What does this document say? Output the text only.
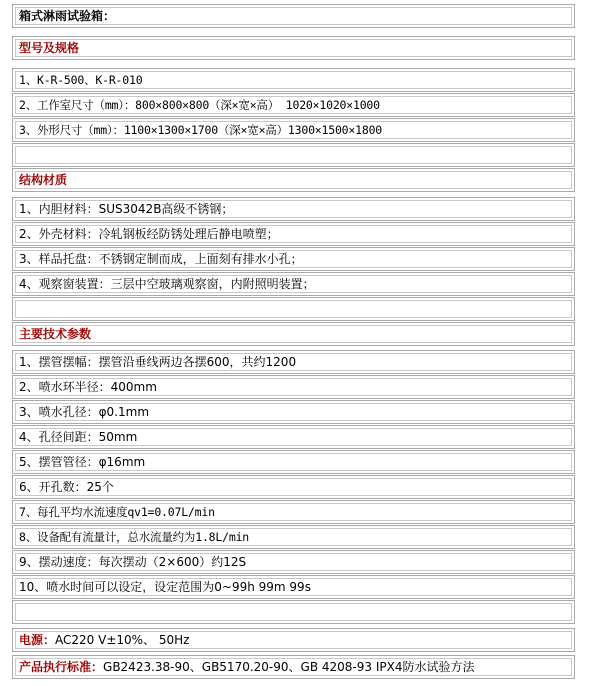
箱式淋雨试验箱：
型号及规格
1、K-R-500、K-R-010
2、工作室尺寸（mm）：800×800×800（深×宽×高） 1020×1020×1000
3、外形尺寸（mm）：1100×1300×1700（深×宽×高）1300×1500×1800
结构材质
1、内胆材料：SUS3042B高级不锈钢；
2、外壳材料：冷轧钢板经防锈处理后静电喷塑；
3、样品托盘：不锈钢定制而成，上面刻有排水小孔；
4、观察窗装置：三层中空玻璃观察窗，内附照明装置；
主要技术参数
1、摆管摆幅：摆管沿垂线两边各摆600，共约1200
2、喷水环半径：400mm
3、喷水孔径：φ0.1mm
4、孔径间距：50mm
5、摆管管径：φ16mm
6、开孔数：25个
7、每孔平均水流速度qv1=0.07L/min
8、设备配有流量计，总水流量约为1.8L/min
9、摆动速度：每次摆动（2×600）约12S
10、喷水时间可以设定，设定范围为0~99h 99m 99s
电源：AC220 V±10%、 50Hz
产品执行标准：GB2423.38-90、GB5170.20-90、GB 4208-93 IPX4防水试验方法
